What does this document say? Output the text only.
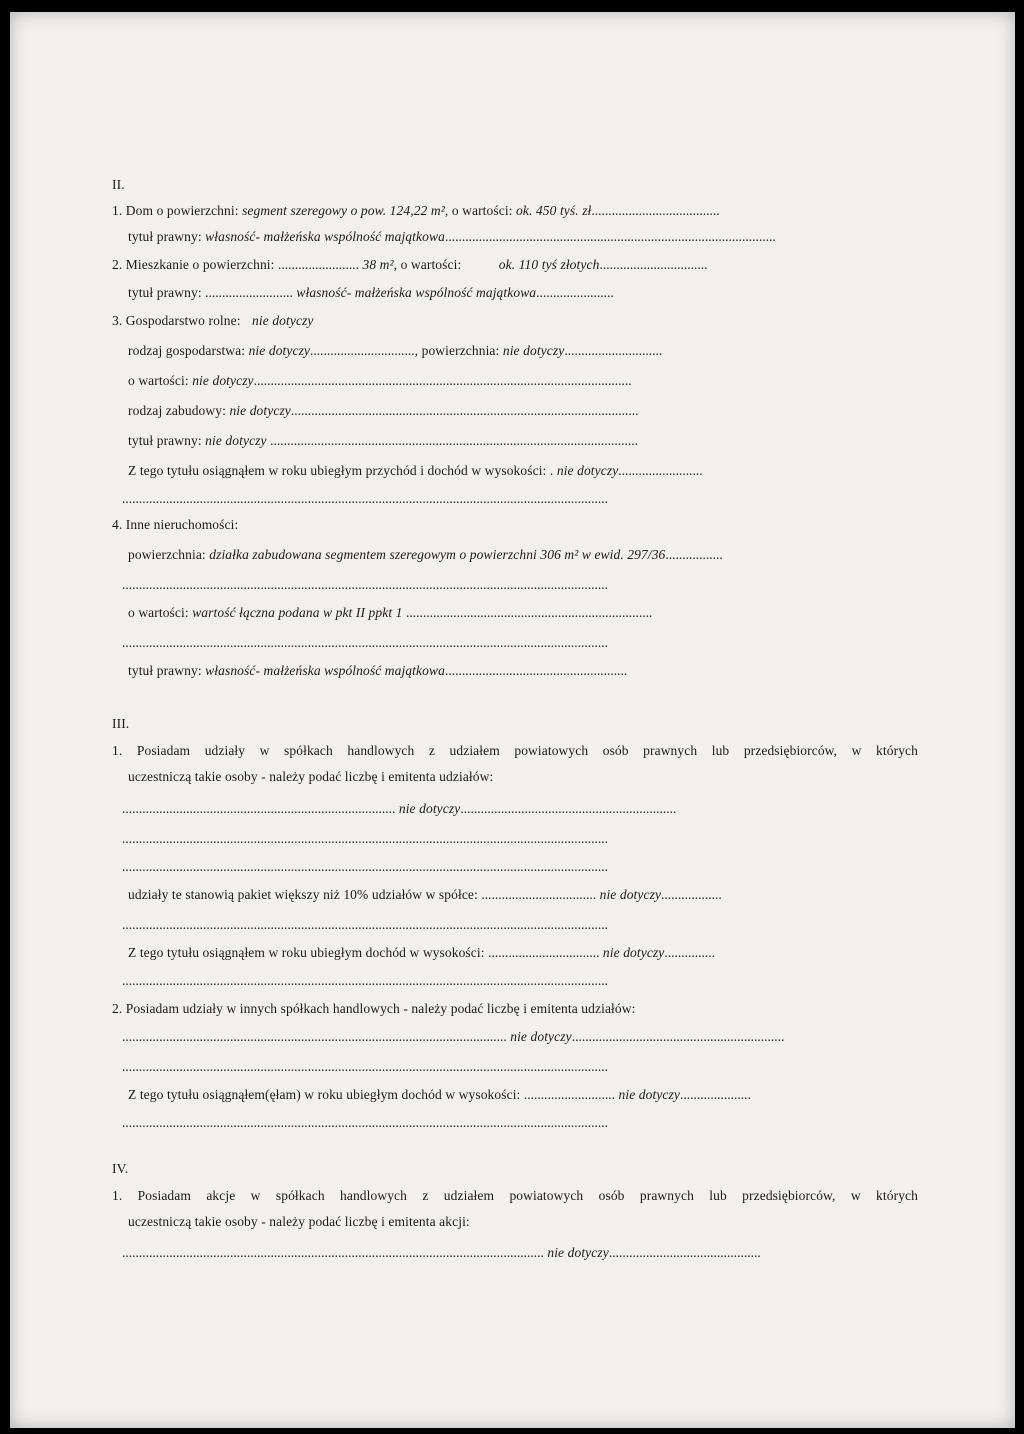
II.
1. Dom o powierzchni: segment szeregowy o pow. 124,22 m², o wartości: ok. 450 tyś. zł......................................
tytuł prawny: własność- małżeńska wspólność majątkowa..................................................................................................
2. Mieszkanie o powierzchni: ........................ 38 m², o wartości:	ok. 110 tyś złotych................................
tytuł prawny: .......................... własność- małżeńska wspólność majątkowa.......................
3. Gospodarstwo rolne: nie dotyczy
rodzaj gospodarstwa: nie dotyczy..............................., powierzchnia: nie dotyczy.............................
o wartości: nie dotyczy................................................................................................................
rodzaj zabudowy: nie dotyczy.......................................................................................................
tytuł prawny: nie dotyczy .............................................................................................................
Z tego tytułu osiągnąłem w roku ubiegłym przychód i dochód w wysokości: . nie dotyczy.........................
................................................................................................................................................
4. Inne nieruchomości:
powierzchnia: działka zabudowana segmentem szeregowym o powierzchni 306 m² w ewid. 297/36.................
................................................................................................................................................
o wartości: wartość łączna podana w pkt II ppkt 1 .........................................................................
................................................................................................................................................
tytuł prawny: własność- małżeńska wspólność majątkowa......................................................
III.
1. Posiadam udziały w spółkach handlowych z udziałem powiatowych osób prawnych lub przedsiębiorców, w których
uczestniczą takie osoby - należy podać liczbę i emitenta udziałów:
................................................................................. nie dotyczy................................................................
................................................................................................................................................
................................................................................................................................................
udziały te stanowią pakiet większy niż 10% udziałów w spółce: .................................. nie dotyczy..................
................................................................................................................................................
Z tego tytułu osiągnąłem w roku ubiegłym dochód w wysokości: ................................. nie dotyczy...............
................................................................................................................................................
2. Posiadam udziały w innych spółkach handlowych - należy podać liczbę i emitenta udziałów:
.................................................................................................................. nie dotyczy...............................................................
................................................................................................................................................
Z tego tytułu osiągnąłem(ęłam) w roku ubiegłym dochód w wysokości: ........................... nie dotyczy.....................
................................................................................................................................................
IV.
1. Posiadam akcje w spółkach handlowych z udziałem powiatowych osób prawnych lub przedsiębiorców, w których
uczestniczą takie osoby - należy podać liczbę i emitenta akcji:
............................................................................................................................. nie dotyczy.............................................
